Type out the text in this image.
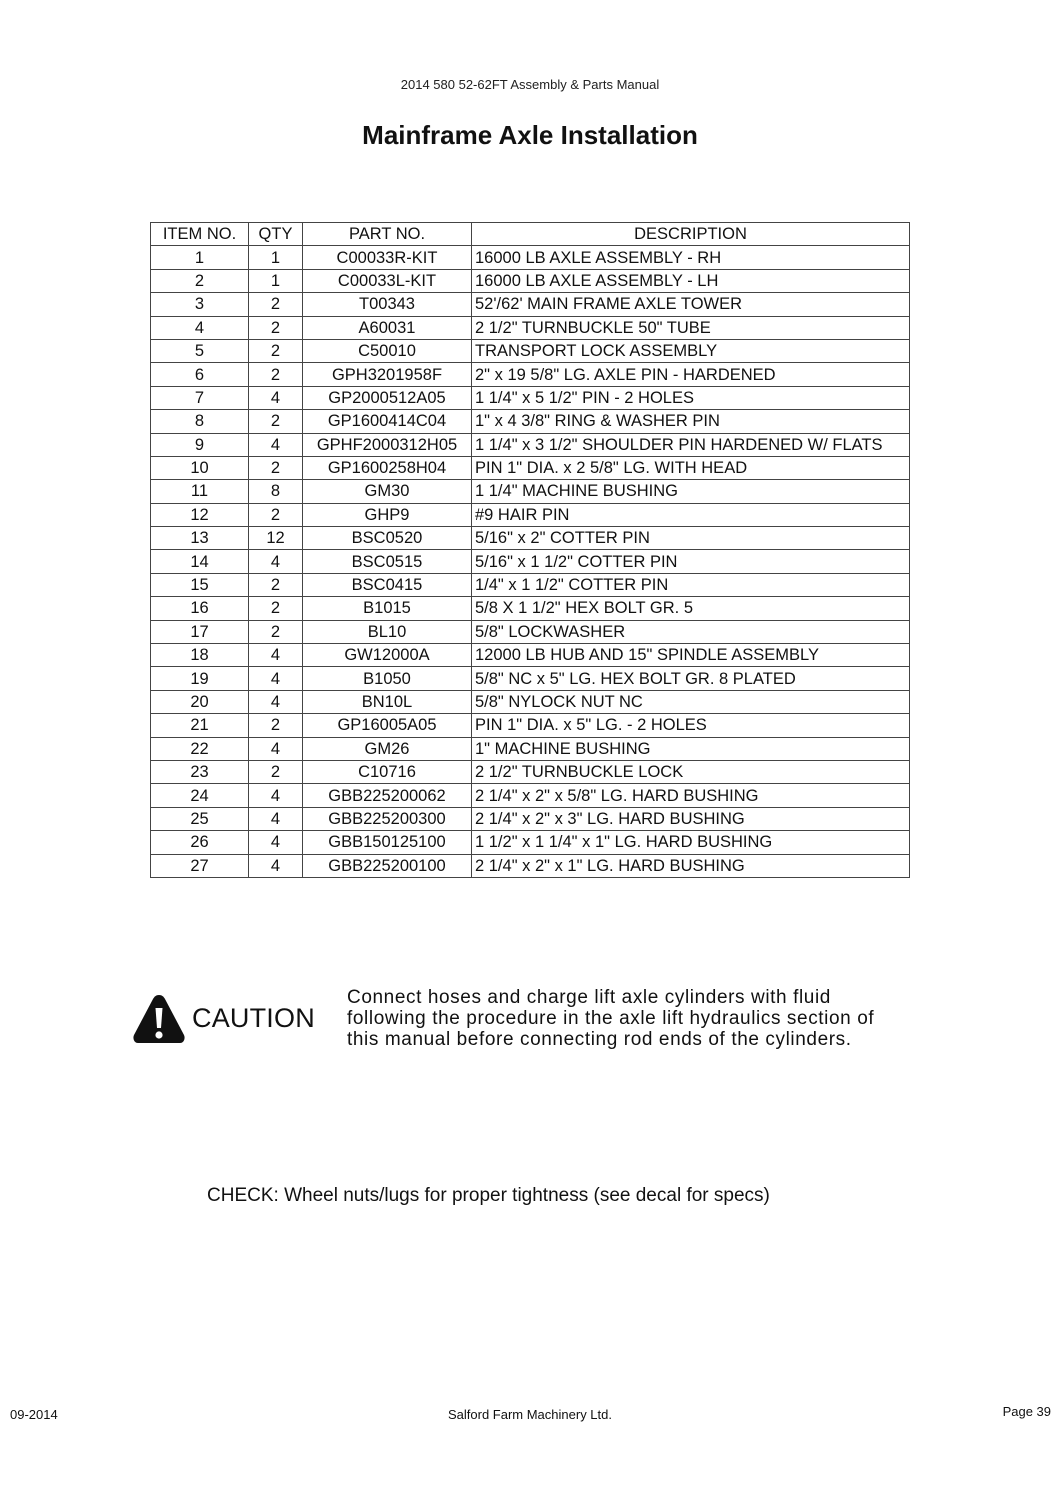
2014 580 52-62FT Assembly & Parts Manual
Mainframe Axle Installation
ITEM NO.	QTY	PART NO.	DESCRIPTION
1	1	C00033R-KIT	16000 LB AXLE ASSEMBLY - RH
2	1	C00033L-KIT	16000 LB AXLE ASSEMBLY - LH
3	2	T00343	52'/62' MAIN FRAME AXLE TOWER
4	2	A60031	2 1/2" TURNBUCKLE 50" TUBE
5	2	C50010	TRANSPORT LOCK ASSEMBLY
6	2	GPH3201958F	2" x 19 5/8" LG. AXLE PIN - HARDENED
7	4	GP2000512A05	1 1/4" x 5 1/2" PIN - 2 HOLES
8	2	GP1600414C04	1" x 4 3/8" RING & WASHER PIN
9	4	GPHF2000312H05	1 1/4" x 3 1/2" SHOULDER PIN HARDENED W/ FLATS
10	2	GP1600258H04	PIN 1" DIA. x 2 5/8" LG. WITH HEAD
11	8	GM30	1 1/4" MACHINE BUSHING
12	2	GHP9	#9 HAIR PIN
13	12	BSC0520	5/16" x 2" COTTER PIN
14	4	BSC0515	5/16" x 1 1/2" COTTER PIN
15	2	BSC0415	1/4" x 1 1/2" COTTER PIN
16	2	B1015	5/8 X 1 1/2" HEX BOLT GR. 5
17	2	BL10	5/8" LOCKWASHER
18	4	GW12000A	12000 LB HUB AND 15" SPINDLE ASSEMBLY
19	4	B1050	5/8" NC x 5" LG. HEX BOLT GR. 8 PLATED
20	4	BN10L	5/8" NYLOCK NUT NC
21	2	GP16005A05	PIN 1" DIA. x 5" LG. - 2 HOLES
22	4	GM26	1" MACHINE BUSHING
23	2	C10716	2 1/2" TURNBUCKLE LOCK
24	4	GBB225200062	2 1/4" x 2" x 5/8" LG. HARD BUSHING
25	4	GBB225200300	2 1/4" x 2" x 3" LG. HARD BUSHING
26	4	GBB150125100	1 1/2" x 1 1/4" x 1" LG. HARD BUSHING
27	4	GBB225200100	2 1/4" x 2" x 1" LG. HARD BUSHING
CAUTION
Connect hoses and charge lift axle cylinders with fluid
following the procedure in the axle lift hydraulics section of
this manual before connecting rod ends of the cylinders.
CHECK: Wheel nuts/lugs for proper tightness (see decal for specs)
09-2014	Salford Farm Machinery Ltd.	Page 39
